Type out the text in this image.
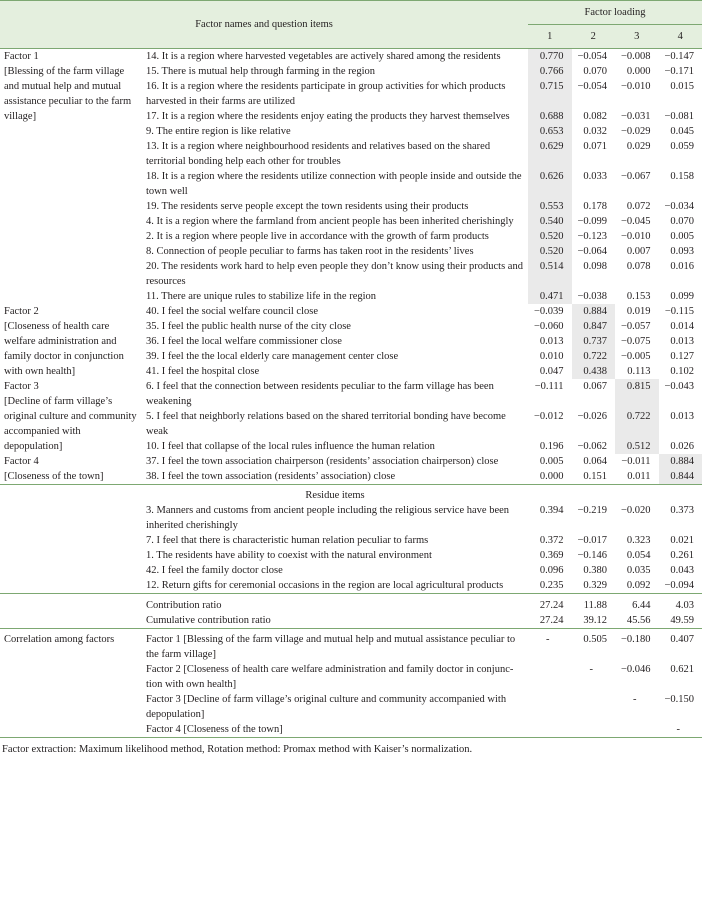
Factor names and question items		Factor loading			
		1	2	3	4
Factor 1
[Blessing of the farm village and mutual help and mutual assistance peculiar to the farm village]	14. It is a region where harvested vegetables are actively shared among the residents	0.770	−0.054	−0.008	−0.147
	15. There is mutual help through farming in the region	0.766	0.070	0.000	−0.171
	16. It is a region where the residents participate in group activities for which products harvested in their farms are utilized	0.715	−0.054	−0.010	0.015
	17. It is a region where the residents enjoy eating the products they harvest themselves	0.688	0.082	−0.031	−0.081
	9. The entire region is like relative	0.653	0.032	−0.029	0.045
	13. It is a region where neighbourhood residents and relatives based on the shared territorial bonding help each other for troubles	0.629	0.071	0.029	0.059
	18. It is a region where the residents utilize connection with people inside and outside the town well	0.626	0.033	−0.067	0.158
	19. The residents serve people except the town residents using their products	0.553	0.178	0.072	−0.034
	4. It is a region where the farmland from ancient people has been inherited cherishingly	0.540	−0.099	−0.045	0.070
	2. It is a region where people live in accordance with the growth of farm products	0.520	−0.123	−0.010	0.005
	8. Connection of people peculiar to farms has taken root in the residents’ lives	0.520	−0.064	0.007	0.093
	20. The residents work hard to help even people they don’t know using their products and resources	0.514	0.098	0.078	0.016
	11. There are unique rules to stabilize life in the region	0.471	−0.038	0.153	0.099
Factor 2
[Closeness of health care welfare administration and family doctor in conjunction with own health]	40. I feel the social welfare council close	−0.039	0.884	0.019	−0.115
	35. I feel the public health nurse of the city close	−0.060	0.847	−0.057	0.014
	36. I feel the local welfare commissioner close	0.013	0.737	−0.075	0.013
	39. I feel the the local elderly care management center close	0.010	0.722	−0.005	0.127
	41. I feel the hospital close	0.047	0.438	0.113	0.102
Factor 3
[Decline of farm village’s original culture and community accompanied with depopulation]	6. I feel that the connection between residents peculiar to the farm village has been weakening	−0.111	0.067	0.815	−0.043
	5. I feel that neighborly relations based on the shared territorial bonding have become weak	−0.012	−0.026	0.722	0.013
	10. I feel that collapse of the local rules influence the human relation	0.196	−0.062	0.512	0.026
Factor 4
[Closeness of the town]	37. I feel the town association chairperson (residents’ association chairperson) close	0.005	0.064	−0.011	0.884
	38. I feel the town association (residents’ association) close	0.000	0.151	0.011	0.844
	Residue items				
	3. Manners and customs from ancient people including the religious service have been inherited cherishingly	0.394	−0.219	−0.020	0.373
	7. I feel that there is characteristic human relation peculiar to farms	0.372	−0.017	0.323	0.021
	1. The residents have ability to coexist with the natural environment	0.369	−0.146	0.054	0.261
	42. I feel the family doctor close	0.096	0.380	0.035	0.043
	12. Return gifts for ceremonial occasions in the region are local agricultural products	0.235	0.329	0.092	−0.094
	Contribution ratio	27.24	11.88	6.44	4.03
	Cumulative contribution ratio	27.24	39.12	45.56	49.59
Correlation among factors	Factor 1 [Blessing of the farm village and mutual help and mutual assistance peculiar to the farm village]	-	0.505	−0.180	0.407
	Factor 2 [Closeness of health care welfare administration and family doctor in conjunc-tion with own health]		-	−0.046	0.621
	Factor 3 [Decline of farm village’s original culture and community accompanied with depopulation]			-	−0.150
	Factor 4 [Closeness of the town]				-
Factor extraction: Maximum likelihood method, Rotation method: Promax method with Kaiser’s normalization.
